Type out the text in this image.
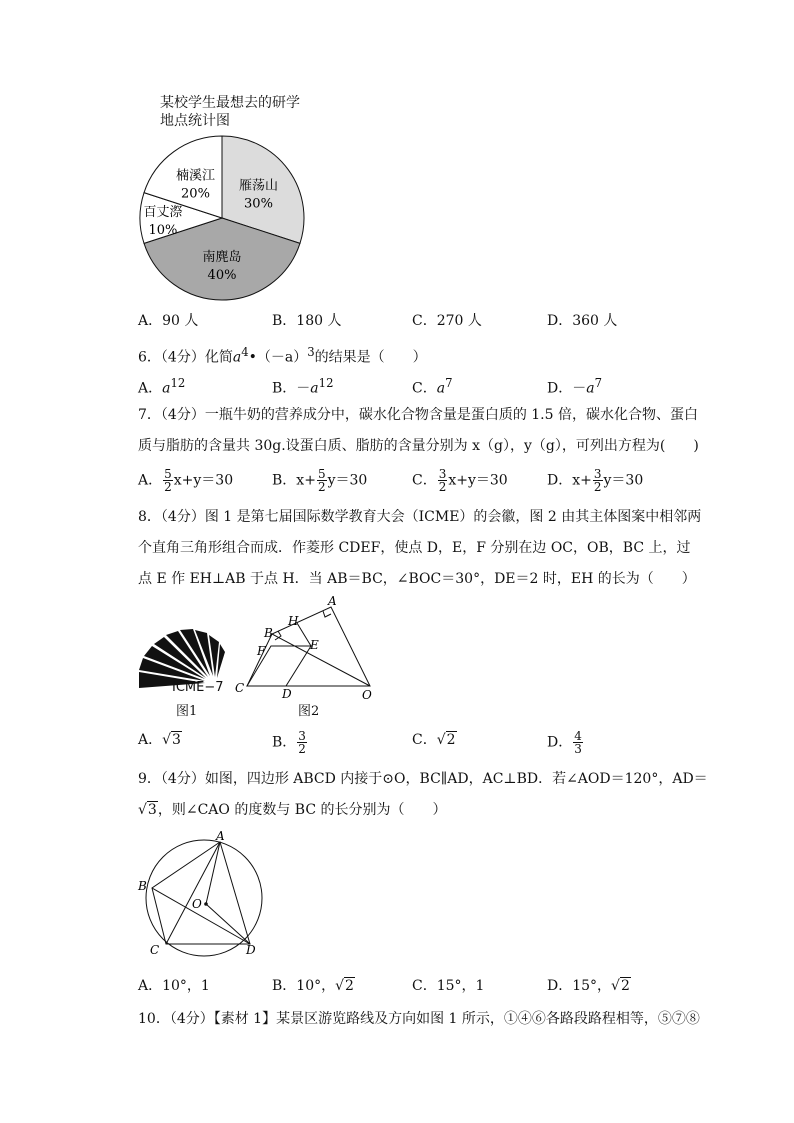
某校学生最想去的研学
地点统计图
雁荡山
30%
南麂岛
40%
百丈漈
10%
楠溪江
20%
A．90 人	B．180 人	C．270 人	D．360 人
6．（4分）化简$a^4•(-a)^3$的结果是（　　）
A．$a^{12}$	B．$-a^{12}$	C．$a^7$	D．$-a^7$
7．（4分）一瓶牛奶的营养成分中，碳水化合物含量是蛋白质的 1.5 倍，碳水化合物、蛋白
质与脂肪的含量共 30g.设蛋白质、脂肪的含量分别为 x（g），y（g），可列出方程为(　　)
A． $\frac{5}{2} x+y=30$	B．$x+ \frac{5}{2} y=30$	C． $\frac{3}{2} x+y=30$	D．$x+ \frac{3}{2} y=30$
8．（4分）图 1 是第七届国际数学教育大会（ICME）的会徽，图 2 由其主体图案中相邻两
个直角三角形组合而成．作菱形 CDEF，使点 D，E，F 分别在边 OC，OB，BC 上，过
点 E 作 EH⊥AB 于点 H．当 AB＝BC，∠BOC＝30°，DE＝2 时，EH 的长为（　　）
ICME−7
图1
A
B
H
E
F
C	D	O
图2
A．√3	B． $\frac{3}{2}$	C．√2	D． $\frac{4}{3}$
9．（4分）如图，四边形 ABCD 内接于⊙O，BC∥AD，AC⊥BD．若∠AOD＝120°，AD＝
√3，则∠CAO 的度数与 BC 的长分别为（　　）
A
B
O
C	D
A．10°，1	B．10°，√2	C．15°，1	D．15°，√2
10．（4分）【素材 1】某景区游览路线及方向如图 1 所示，①④⑥各路段路程相等，⑤⑦⑧
